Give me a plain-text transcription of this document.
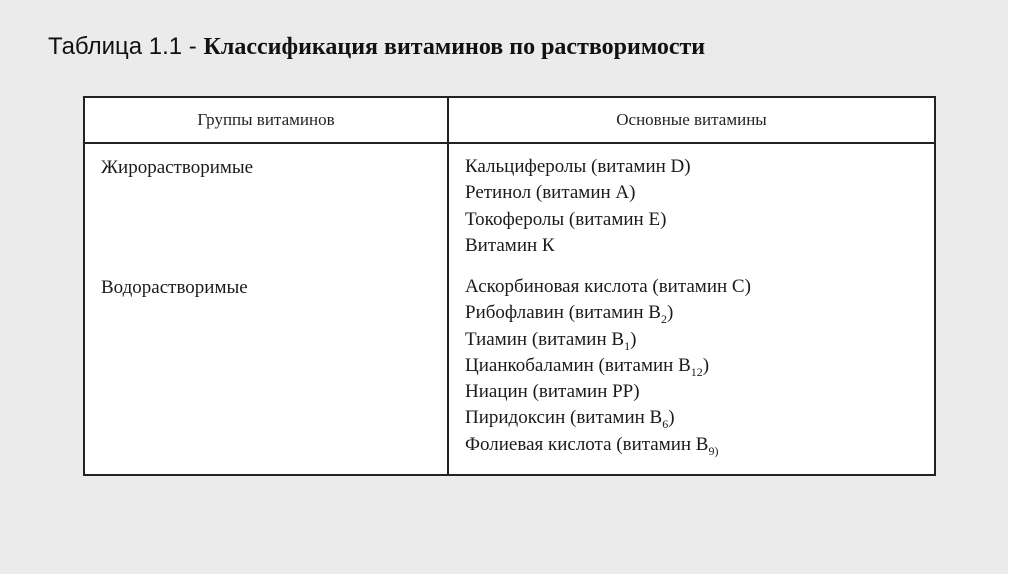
Таблица 1.1 - Классификация витаминов по растворимости
Группы витаминов	Основные витамины
Жирорастворимые	Кальциферолы (витамин D)
Ретинол (витамин А)
Токоферолы (витамин Е)
Витамин К
Водорастворимые	Аскорбиновая кислота (витамин С)
Рибофлавин (витамин $В_2$)
Тиамин (витамин $В_1$)
Цианкобаламин (витамин $В_{12}$)
Ниацин (витамин РР)
Пиридоксин (витамин $В_6$)
Фолиевая кислота (витамин $В_{9)}$
